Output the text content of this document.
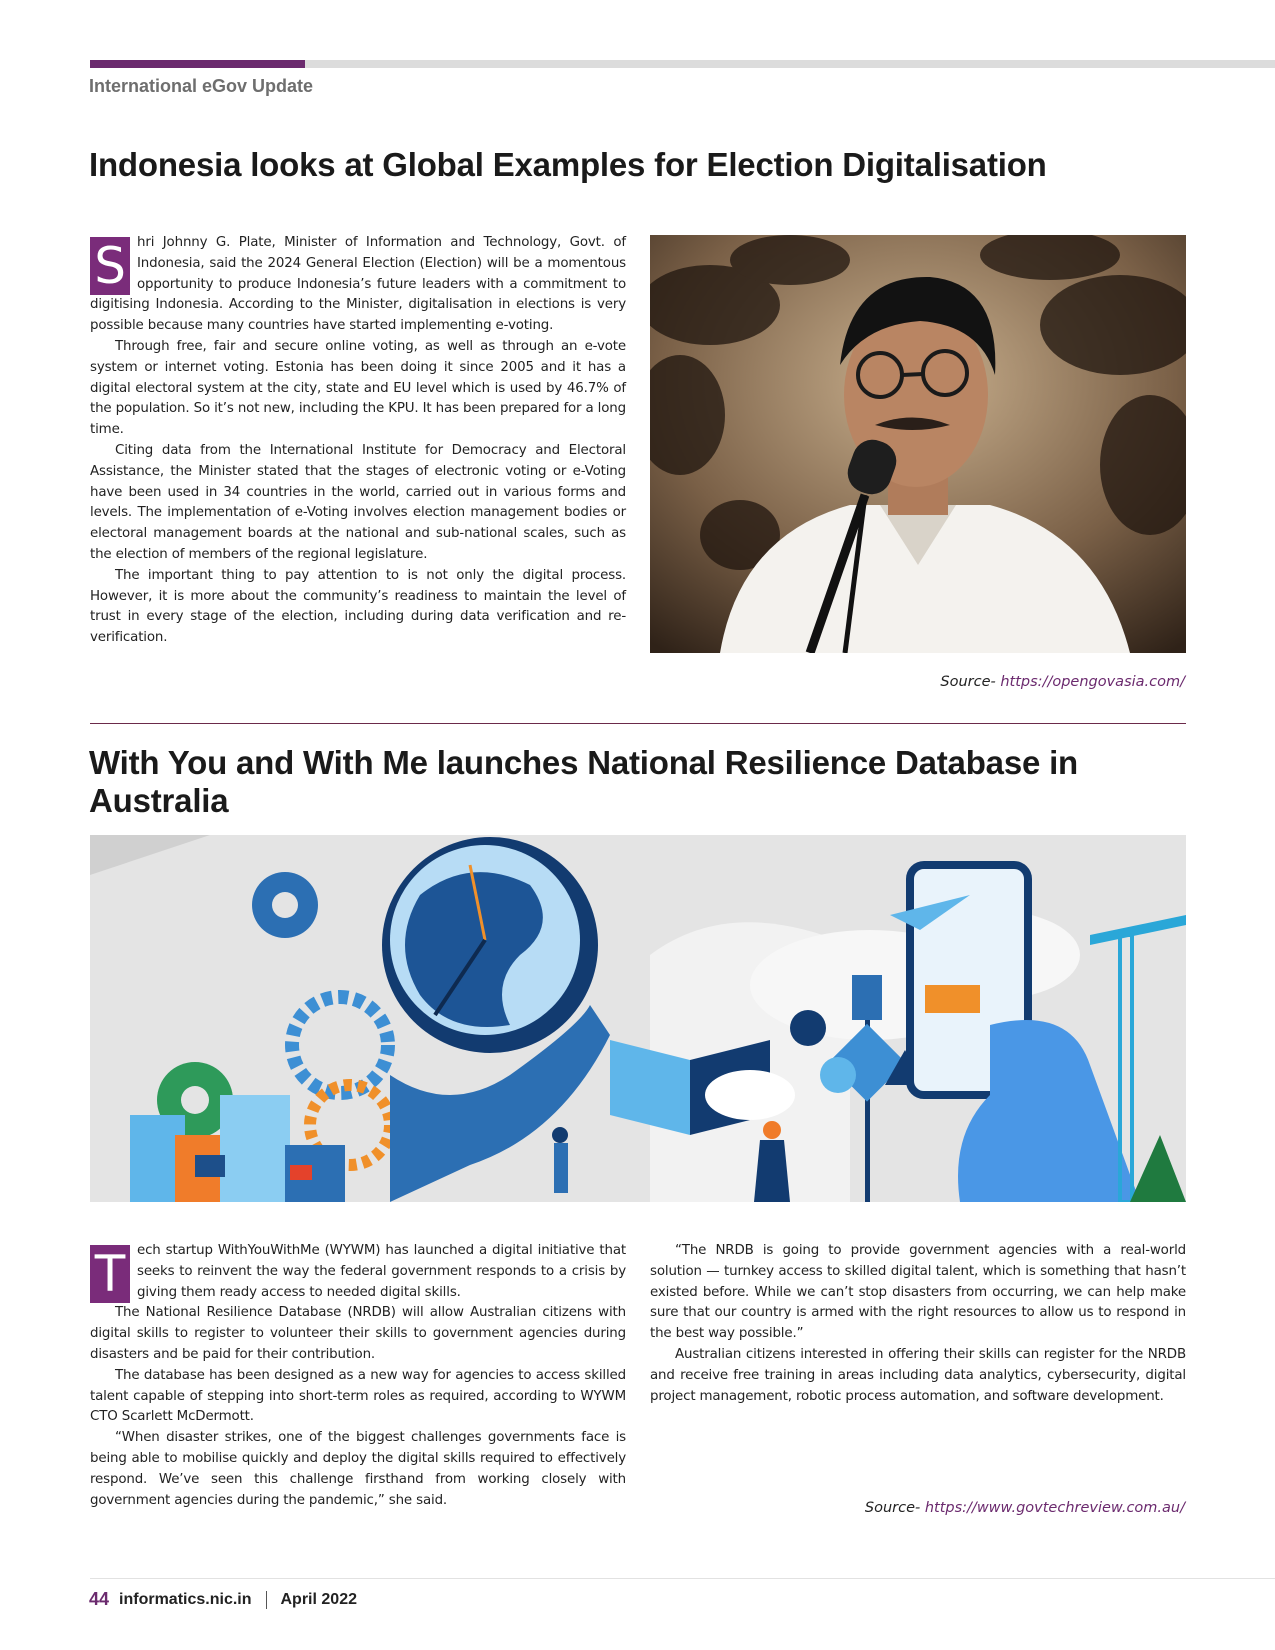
International eGov Update
Indonesia looks at Global Examples for Election Digitalisation

S hri Johnny G. Plate, Minister of Information and Technology, Govt. of Indonesia, said the 2024 General Election (Election) will be a momentous opportunity to produce Indonesia’s future leaders with a commitment to digitising Indonesia. According to the Minister, digitalisation in elections is very possible because many countries have started implementing e-voting.

Through free, fair and secure online voting, as well as through an e-vote system or internet voting. Estonia has been doing it since 2005 and it has a digital electoral system at the city, state and EU level which is used by 46.7% of the population. So it’s not new, including the KPU. It has been prepared for a long time.

Citing data from the International Institute for Democracy and Electoral Assistance, the Minister stated that the stages of electronic voting or e-Voting have been used in 34 countries in the world, carried out in various forms and levels. The implementation of e-Voting involves election management bodies or electoral management boards at the national and sub-national scales, such as the election of members of the regional legislature.

The important thing to pay attention to is not only the digital process. However, it is more about the community’s readiness to maintain the level of trust in every stage of the election, including during data verification and re-verification.

Source- https://opengovasia.com/
With You and With Me launches National Resilience Database in Australia

T ech startup WithYouWithMe (WYWM) has launched a digital initiative that seeks to reinvent the way the federal government responds to a crisis by giving them ready access to needed digital skills.

The National Resilience Database (NRDB) will allow Australian citizens with digital skills to register to volunteer their skills to government agencies during disasters and be paid for their contribution.

The database has been designed as a new way for agencies to access skilled talent capable of stepping into short-term roles as required, according to WYWM CTO Scarlett McDermott.

“When disaster strikes, one of the biggest challenges governments face is being able to mobilise quickly and deploy the digital skills required to effectively respond. We’ve seen this challenge firsthand from working closely with government agencies during the pandemic,” she said.

“The NRDB is going to provide government agencies with a real-world solution — turnkey access to skilled digital talent, which is something that hasn’t existed before. While we can’t stop disasters from occurring, we can help make sure that our country is armed with the right resources to allow us to respond in the best way possible.”

Australian citizens interested in offering their skills can register for the NRDB and receive free training in areas including data analytics, cybersecurity, digital project management, robotic process automation, and software development.

Source- https://www.govtechreview.com.au/
44 informatics.nic.in April 2022
